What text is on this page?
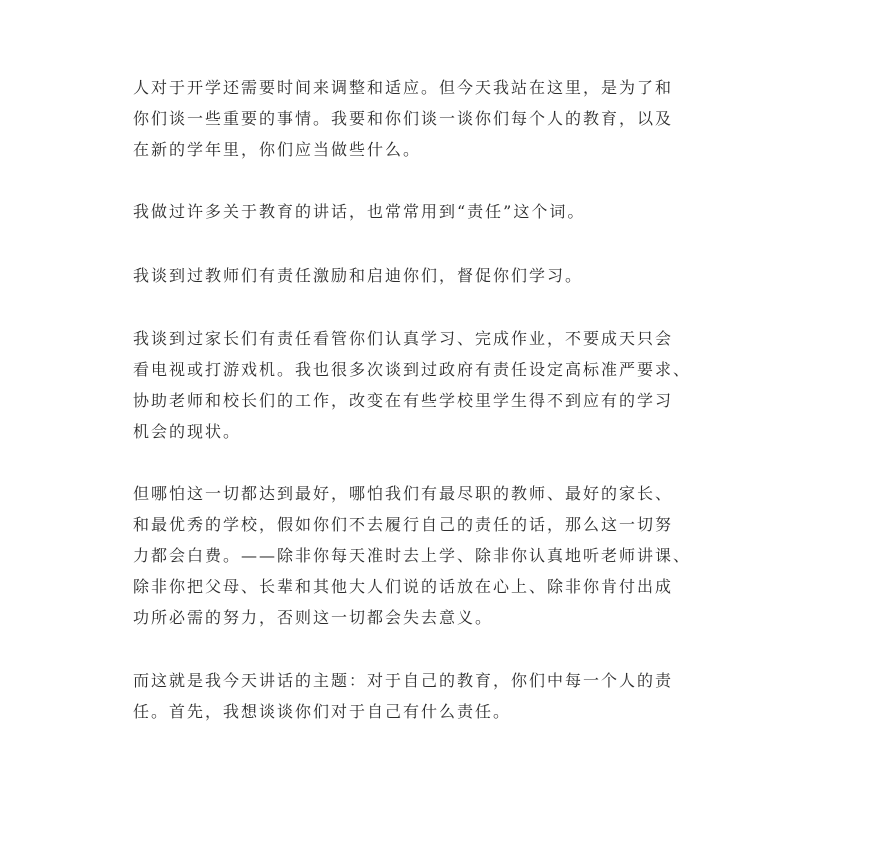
人对于开学还需要时间来调整和适应。但今天我站在这里，是为了和
你们谈一些重要的事情。我要和你们谈一谈你们每个人的教育，以及
在新的学年里，你们应当做些什么。

我做过许多关于教育的讲话，也常常用到“责任”这个词。

我谈到过教师们有责任激励和启迪你们，督促你们学习。

我谈到过家长们有责任看管你们认真学习、完成作业，不要成天只会
看电视或打游戏机。我也很多次谈到过政府有责任设定高标准严要求、
协助老师和校长们的工作，改变在有些学校里学生得不到应有的学习
机会的现状。

但哪怕这一切都达到最好，哪怕我们有最尽职的教师、最好的家长、
和最优秀的学校，假如你们不去履行自己的责任的话，那么这一切努
力都会白费。——除非你每天准时去上学、除非你认真地听老师讲课、
除非你把父母、长辈和其他大人们说的话放在心上、除非你肯付出成
功所必需的努力，否则这一切都会失去意义。

而这就是我今天讲话的主题：对于自己的教育，你们中每一个人的责
任。首先，我想谈谈你们对于自己有什么责任。
